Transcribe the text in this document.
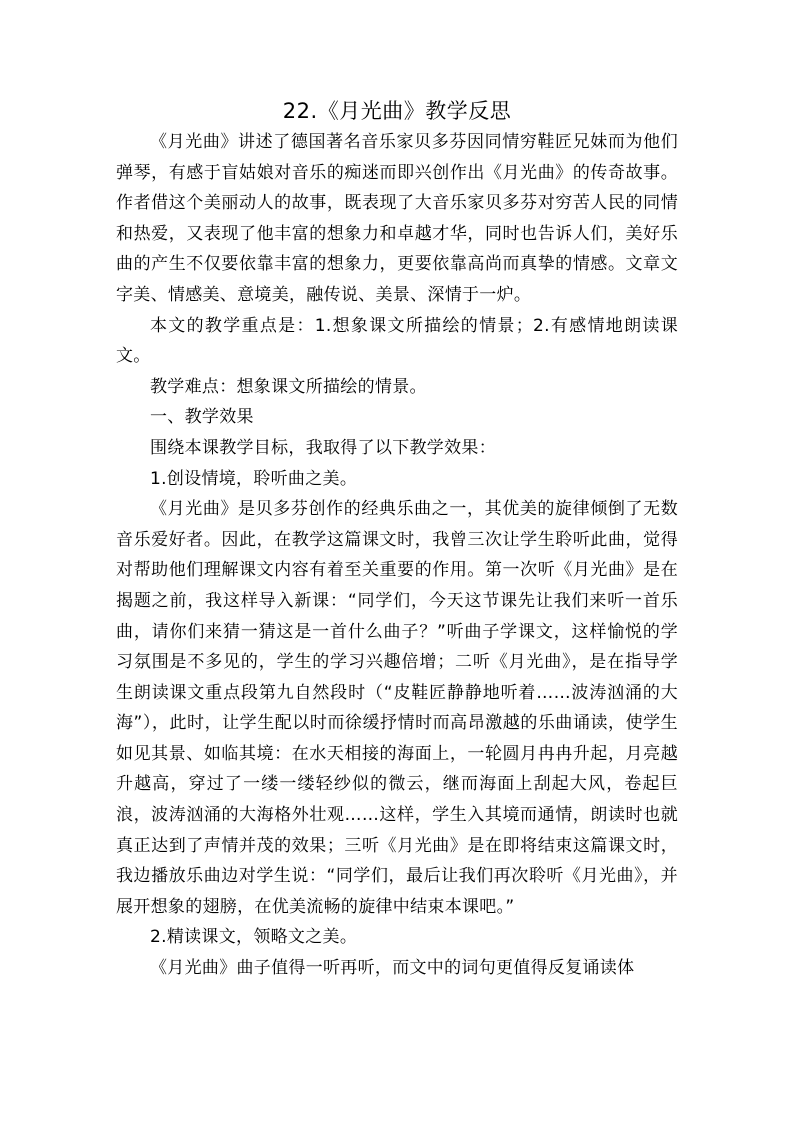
22.《月光曲》教学反思

《月光曲》讲述了德国著名音乐家贝多芬因同情穷鞋匠兄妹而为他们弹琴，有感于盲姑娘对音乐的痴迷而即兴创作出《月光曲》的传奇故事。作者借这个美丽动人的故事，既表现了大音乐家贝多芬对穷苦人民的同情和热爱，又表现了他丰富的想象力和卓越才华，同时也告诉人们，美好乐曲的产生不仅要依靠丰富的想象力，更要依靠高尚而真挚的情感。文章文字美、情感美、意境美，融传说、美景、深情于一炉。

本文的教学重点是：1.想象课文所描绘的情景；2.有感情地朗读课文。

教学难点：想象课文所描绘的情景。

一、教学效果

围绕本课教学目标，我取得了以下教学效果：

1.创设情境，聆听曲之美。

《月光曲》是贝多芬创作的经典乐曲之一，其优美的旋律倾倒了无数音乐爱好者。因此，在教学这篇课文时，我曾三次让学生聆听此曲，觉得对帮助他们理解课文内容有着至关重要的作用。第一次听《月光曲》是在揭题之前，我这样导入新课：“同学们，今天这节课先让我们来听一首乐曲，请你们来猜一猜这是一首什么曲子？”听曲子学课文，这样愉悦的学习氛围是不多见的，学生的学习兴趣倍增；二听《月光曲》，是在指导学生朗读课文重点段第九自然段时（“皮鞋匠静静地听着……波涛汹涌的大海”），此时，让学生配以时而徐缓抒情时而高昂激越的乐曲诵读，使学生如见其景、如临其境：在水天相接的海面上，一轮圆月冉冉升起，月亮越升越高，穿过了一缕一缕轻纱似的微云，继而海面上刮起大风，卷起巨浪，波涛汹涌的大海格外壮观……这样，学生入其境而通情，朗读时也就真正达到了声情并茂的效果；三听《月光曲》是在即将结束这篇课文时，我边播放乐曲边对学生说：“同学们，最后让我们再次聆听《月光曲》，并展开想象的翅膀，在优美流畅的旋律中结束本课吧。”

2.精读课文，领略文之美。

《月光曲》曲子值得一听再听，而文中的词句更值得反复诵读体
